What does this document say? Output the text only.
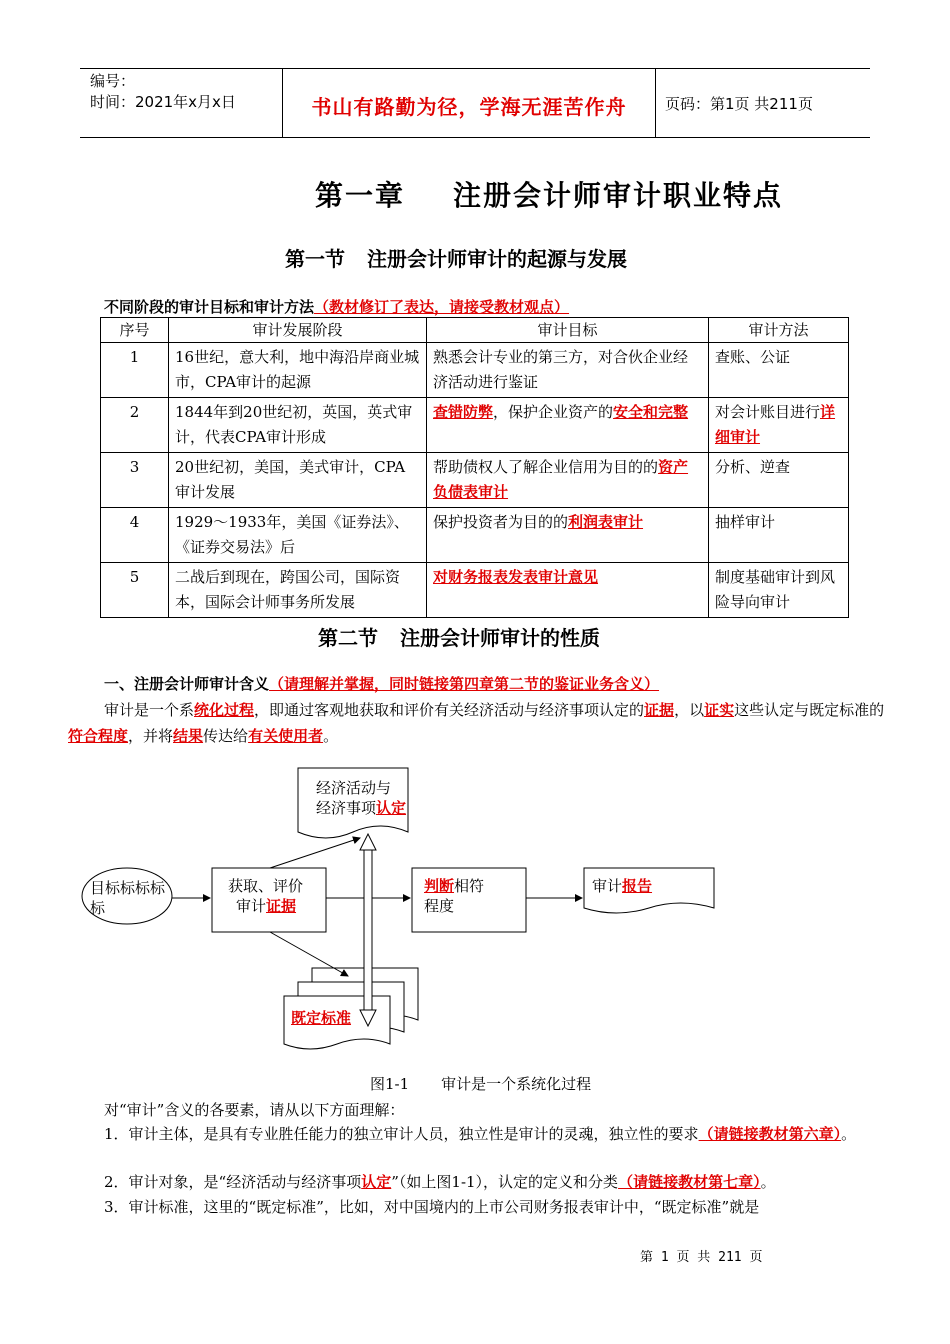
编号：
时间：2021年x月x日	书山有路勤为径，学海无涯苦作舟	页码：第1页 共211页
第一章 注册会计师审计职业特点
第一节 注册会计师审计的起源与发展
不同阶段的审计目标和审计方法（教材修订了表达，请接受教材观点）
序号	审计发展阶段	审计目标	审计方法
1	16世纪，意大利，地中海沿岸商业城市，CPA审计的起源	熟悉会计专业的第三方，对合伙企业经济活动进行鉴证	查账、公证
2	1844年到20世纪初，英国，英式审计，代表CPA审计形成	查错防弊，保护企业资产的安全和完整	对会计账目进行详细审计
3	20世纪初，美国，美式审计，CPA审计发展	帮助债权人了解企业信用为目的的资产负债表审计	分析、逆查
4	1929～1933年，美国《证券法》、《证券交易法》后	保护投资者为目的的利润表审计	抽样审计
5	二战后到现在，跨国公司，国际资本，国际会计师事务所发展	对财务报表发表审计意见	制度基础审计到风险导向审计
第二节 注册会计师审计的性质
一、注册会计师审计含义（请理解并掌握，同时链接第四章第二节的鉴证业务含义）
审计是一个系统化过程，即通过客观地获取和评价有关经济活动与经济事项认定的证据，以证实这些认定与既定标准的符合程度，并将结果传达给有关使用者。
经济活动与
经济事项认定
目标标标标
标
获取、评价
审计证据
判断相符
程度
审计报告
既定标准
图1-1 审计是一个系统化过程
对“审计”含义的各要素，请从以下方面理解：
1．审计主体，是具有专业胜任能力的独立审计人员，独立性是审计的灵魂，独立性的要求（请链接教材第六章）。
2．审计对象，是“经济活动与经济事项认定”（如上图1-1），认定的定义和分类（请链接教材第七章）。
3．审计标准，这里的“既定标准”，比如，对中国境内的上市公司财务报表审计中，“既定标准”就是
第 1 页 共 211 页
